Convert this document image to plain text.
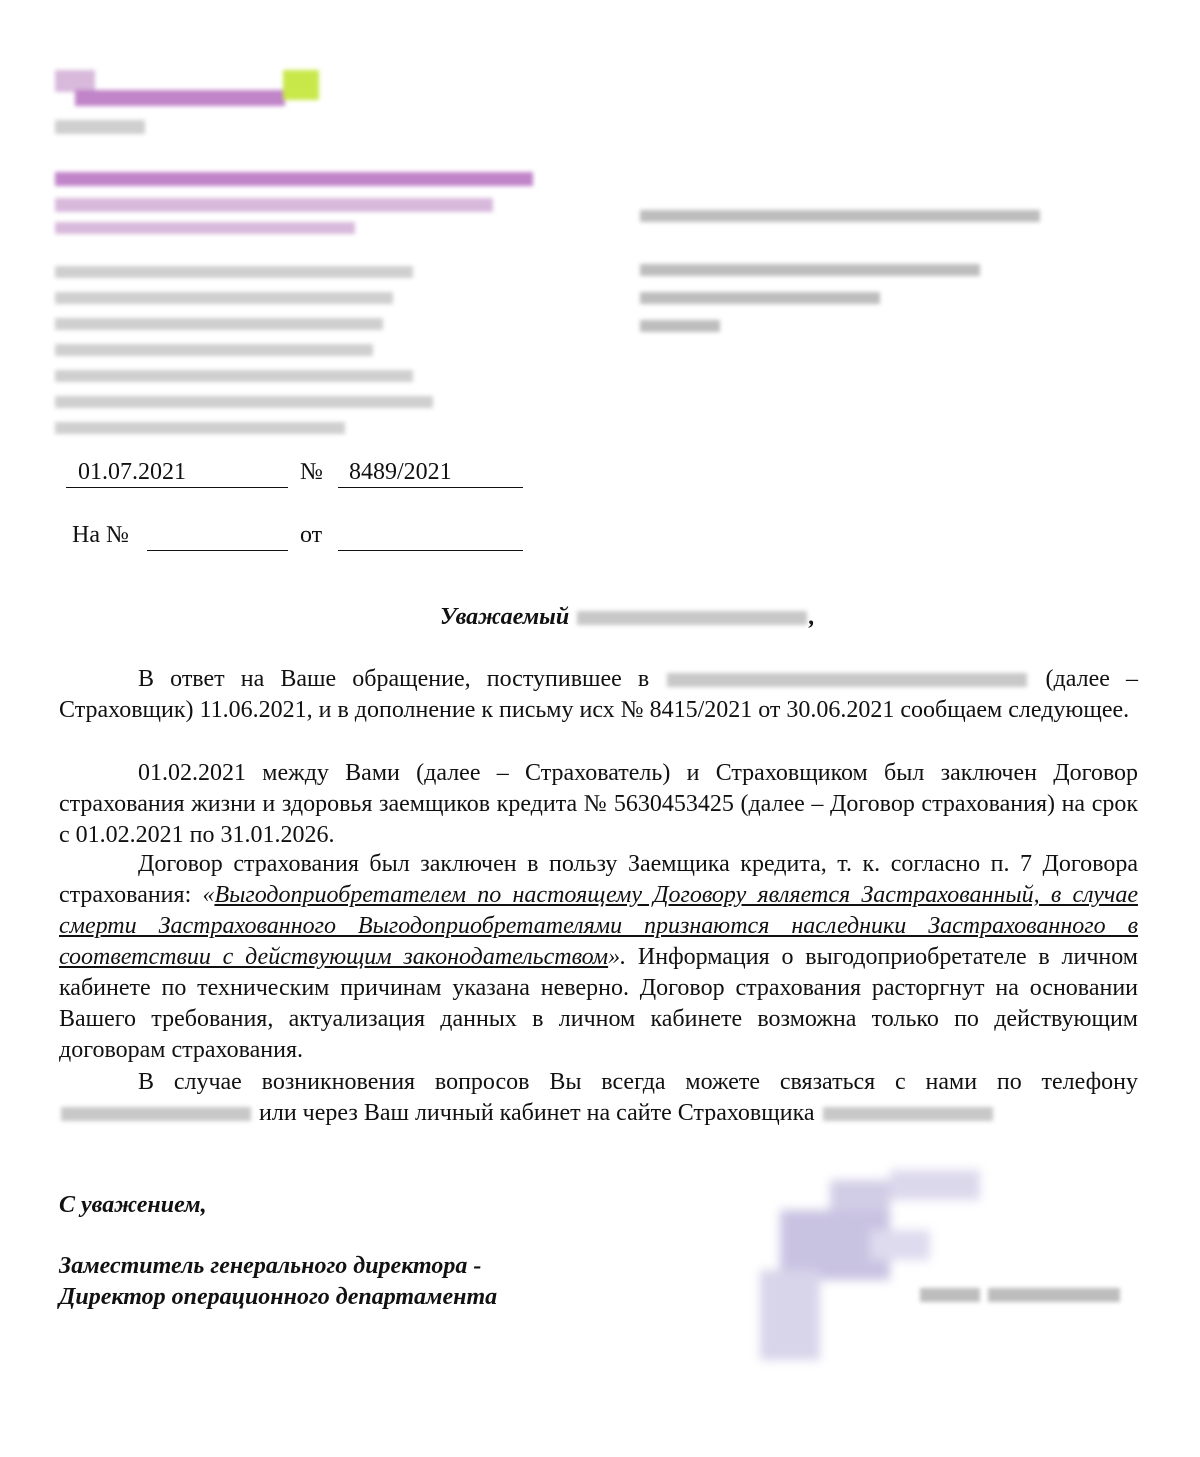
01.07.2021	№ 8489/2021
На №	от
Уважаемый	,
В ответ на Ваше обращение, поступившее в	(далее – Страховщик) 11.06.2021, и в дополнение к письму исх № 8415/2021 от 30.06.2021 сообщаем следующее.
01.02.2021 между Вами (далее – Страхователь) и Страховщиком был заключен Договор страхования жизни и здоровья заемщиков кредита № 5630453425 (далее – Договор страхования) на срок с 01.02.2021 по 31.01.2026.
Договор страхования был заключен в пользу Заемщика кредита, т. к. согласно п. 7 Договора страхования: «Выгодоприобретателем по настоящему Договору является Застрахованный, в случае смерти Застрахованного Выгодоприобретателями признаются наследники Застрахованного в соответствии с действующим законодательством». Информация о выгодоприобретателе в личном кабинете по техническим причинам указана неверно. Договор страхования расторгнут на основании Вашего требования, актуализация данных в личном кабинете возможна только по действующим договорам страхования.
В случае возникновения вопросов Вы всегда можете связаться с нами по телефону  или через Ваш личный кабинет на сайте Страховщика
С уважением,
Заместитель генерального директора -
Директор операционного департамента
